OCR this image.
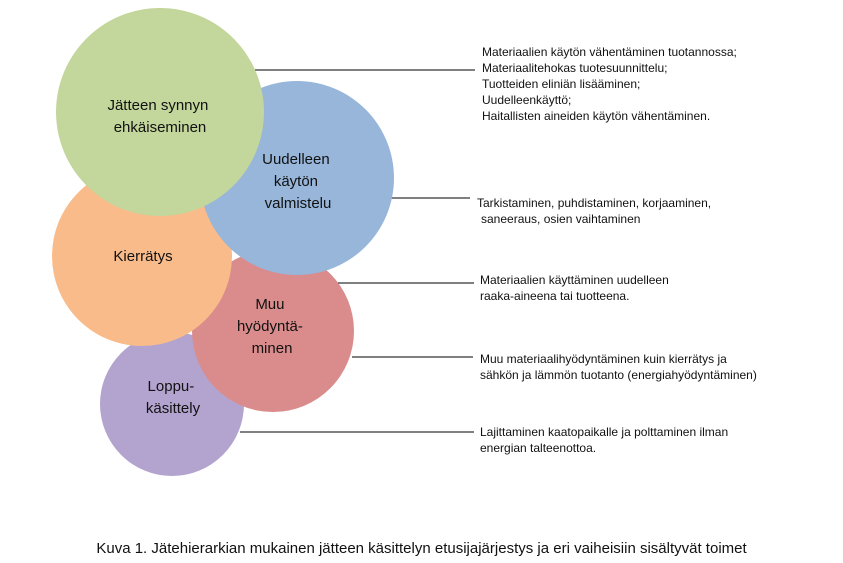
Loppu- käsittely
Muu hyödyntä- minen
Kierrätys
Uudelleen käytön valmistelu
Jätteen synnyn ehkäiseminen
Materiaalien käytön vähentäminen tuotannossa;
Materiaalitehokas tuotesuunnittelu;
Tuotteiden eliniän lisääminen;
Uudelleenkäyttö;
Haitallisten aineiden käytön vähentäminen.
Tarkistaminen, puhdistaminen, korjaaminen,
saneeraus, osien vaihtaminen
Materiaalien käyttäminen uudelleen
raaka-aineena tai tuotteena.
Muu materiaalihyödyntäminen kuin kierrätys ja
sähkön ja lämmön tuotanto (energiahyödyntäminen)
Lajittaminen kaatopaikalle ja polttaminen ilman
energian talteenottoa.
Kuva 1. Jätehierarkian mukainen jätteen käsittelyn etusijajärjestys ja eri vaiheisiin sisältyvät toimet
